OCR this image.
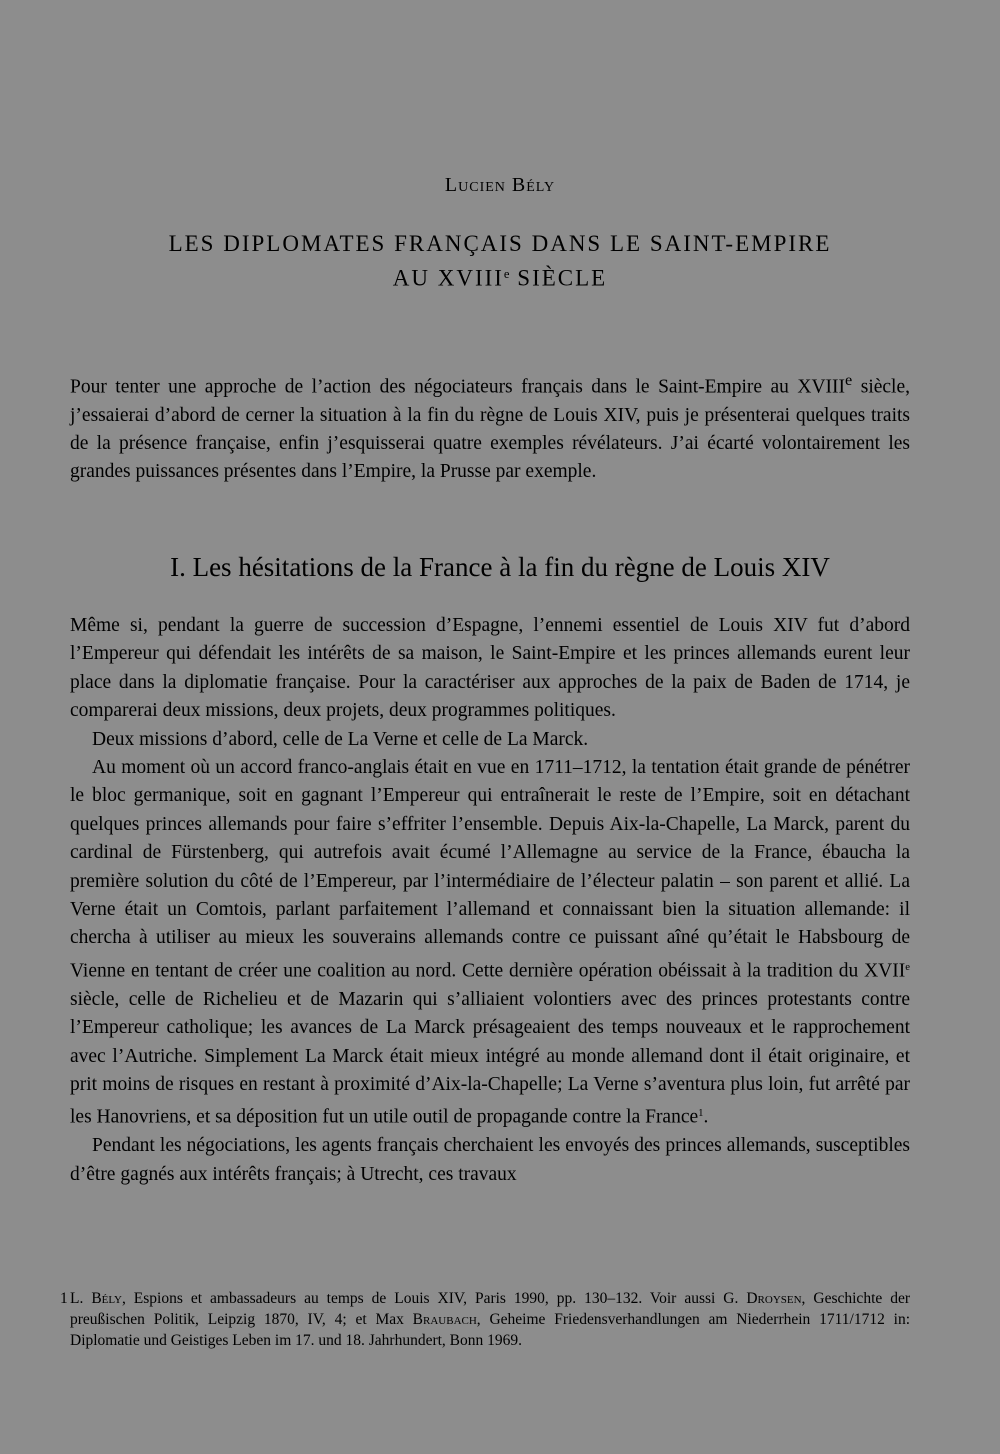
Lucien Bély
LES DIPLOMATES FRANÇAIS DANS LE SAINT-EMPIRE
AU XVIIIe SIÈCLE
Pour tenter une approche de l’action des négociateurs français dans le Saint-Empire au XVIIIe siècle, j’essaierai d’abord de cerner la situation à la fin du règne de Louis XIV, puis je présenterai quelques traits de la présence française, enfin j’esquisserai quatre exemples révélateurs. J’ai écarté volontairement les grandes puissances présentes dans l’Empire, la Prusse par exemple.
I. Les hésitations de la France à la fin du règne de Louis XIV

Même si, pendant la guerre de succession d’Espagne, l’ennemi essentiel de Louis XIV fut d’abord l’Empereur qui défendait les intérêts de sa maison, le Saint-Empire et les princes allemands eurent leur place dans la diplomatie française. Pour la caractériser aux approches de la paix de Baden de 1714, je comparerai deux missions, deux projets, deux programmes politiques.

Deux missions d’abord, celle de La Verne et celle de La Marck.

Au moment où un accord franco-anglais était en vue en 1711–1712, la tentation était grande de pénétrer le bloc germanique, soit en gagnant l’Empereur qui entraînerait le reste de l’Empire, soit en détachant quelques princes allemands pour faire s’effriter l’ensemble. Depuis Aix-la-Chapelle, La Marck, parent du cardinal de Fürstenberg, qui autrefois avait écumé l’Allemagne au service de la France, ébaucha la première solution du côté de l’Empereur, par l’intermédiaire de l’électeur palatin – son parent et allié. La Verne était un Comtois, parlant parfaitement l’allemand et connaissant bien la situation allemande: il chercha à utiliser au mieux les souverains allemands contre ce puissant aîné qu’était le Habsbourg de Vienne en tentant de créer une coalition au nord. Cette dernière opération obéissait à la tradition du XVIIe siècle, celle de Richelieu et de Mazarin qui s’alliaient volontiers avec des princes protestants contre l’Empereur catholique; les avances de La Marck présageaient des temps nouveaux et le rapprochement avec l’Autriche. Simplement La Marck était mieux intégré au monde allemand dont il était originaire, et prit moins de risques en restant à proximité d’Aix-la-Chapelle; La Verne s’aventura plus loin, fut arrêté par les Hanovriens, et sa déposition fut un utile outil de propagande contre la France$^1$.

Pendant les négociations, les agents français cherchaient les envoyés des princes allemands, susceptibles d’être gagnés aux intérêts français; à Utrecht, ces travaux

1 L. Bély, Espions et ambassadeurs au temps de Louis XIV, Paris 1990, pp. 130–132. Voir aussi G. Droysen, Geschichte der preußischen Politik, Leipzig 1870, IV, 4; et Max Braubach, Geheime Friedensverhandlungen am Niederrhein 1711/1712 in: Diplomatie und Geistiges Leben im 17. und 18. Jahrhundert, Bonn 1969.
